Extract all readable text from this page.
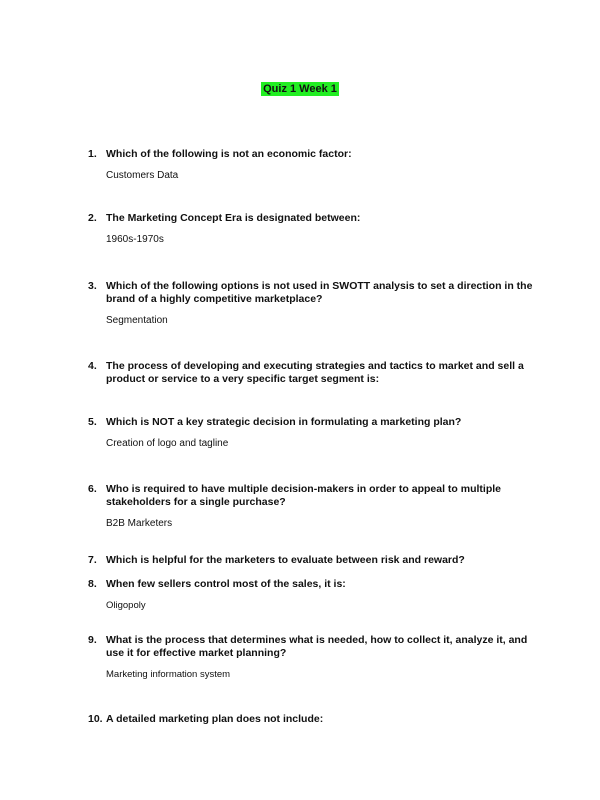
Quiz 1 Week 1
1. Which of the following is not an economic factor:
Customers Data
2. The Marketing Concept Era is designated between:
1960s-1970s
3. Which of the following options is not used in SWOTT analysis to set a direction in the brand of a highly competitive marketplace?
Segmentation
4. The process of developing and executing strategies and tactics to market and sell a product or service to a very specific target segment is:
5. Which is NOT a key strategic decision in formulating a marketing plan?
Creation of logo and tagline
6. Who is required to have multiple decision-makers in order to appeal to multiple stakeholders for a single purchase?
B2B Marketers
7. Which is helpful for the marketers to evaluate between risk and reward?
8. When few sellers control most of the sales, it is:
Oligopoly
9. What is the process that determines what is needed, how to collect it, analyze it, and use it for effective market planning?
Marketing information system
10. A detailed marketing plan does not include:
